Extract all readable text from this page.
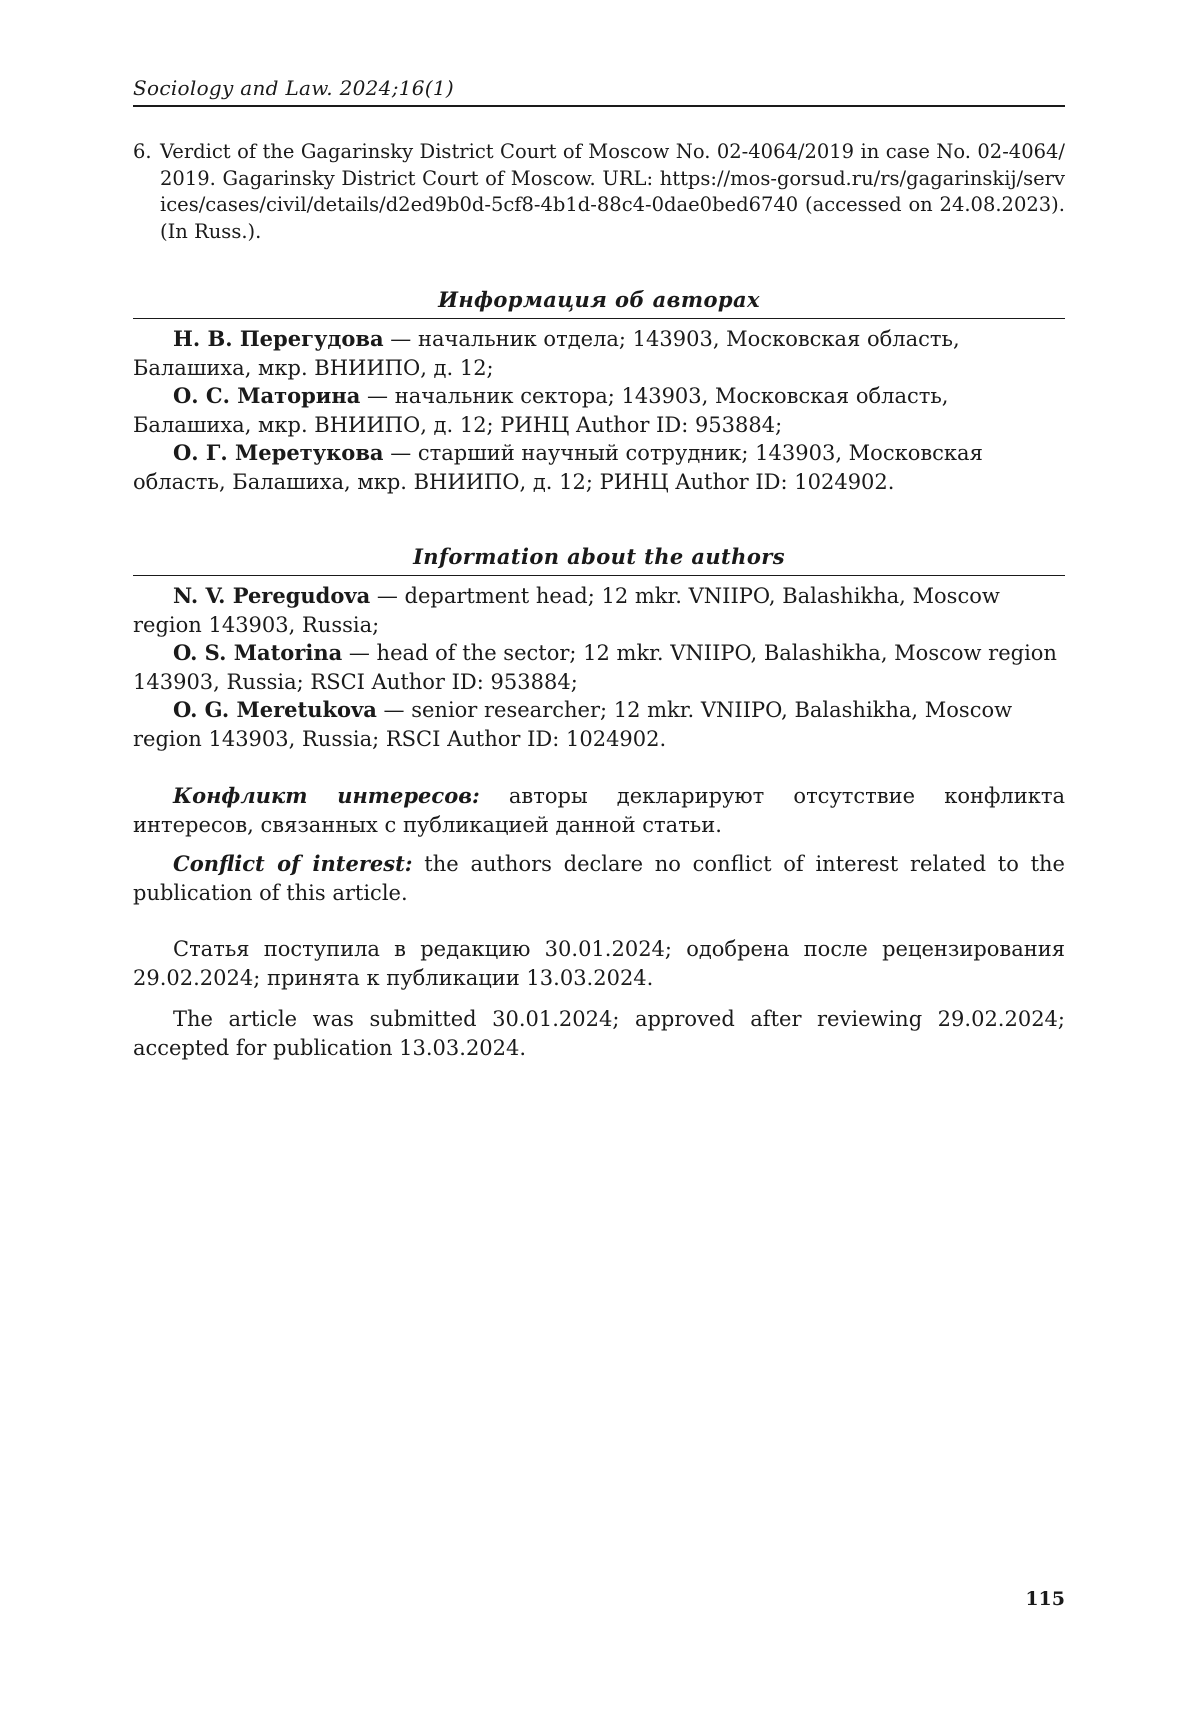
Sociology and Law. 2024;16(1)
6. Verdict of the Gagarinsky District Court of Moscow No. 02-4064/2019 in case No. 02-4064/2019. Gagarinsky District Court of Moscow. URL: https://mos-gorsud.ru/rs/gagarinskij/services/cases/civil/details/d2ed9b0d-5cf8-4b1d-88c4-0dae0bed6740 (accessed on 24.08.2023). (In Russ.).
Информация об авторах

Н. В. Перегудова — начальник отдела; 143903, Московская область, Балашиха, мкр. ВНИИПО, д. 12;

О. С. Маторина — начальник сектора; 143903, Московская область, Балашиха, мкр. ВНИИПО, д. 12; РИНЦ Author ID: 953884;

О. Г. Меретукова — старший научный сотрудник; 143903, Московская область, Балашиха, мкр. ВНИИПО, д. 12; РИНЦ Author ID: 1024902.

Information about the authors

N. V. Peregudova — department head; 12 mkr. VNIIPO, Balashikha, Moscow region 143903, Russia;

O. S. Matorina — head of the sector; 12 mkr. VNIIPO, Balashikha, Moscow region 143903, Russia; RSCI Author ID: 953884;

O. G. Meretukova — senior researcher; 12 mkr. VNIIPO, Balashikha, Moscow region 143903, Russia; RSCI Author ID: 1024902.

Конфликт интересов: авторы декларируют отсутствие конфликта интересов, связанных с публикацией данной статьи.

Conflict of interest: the authors declare no conflict of interest related to the publication of this article.

Статья поступила в редакцию 30.01.2024; одобрена после рецензирования 29.02.2024; принята к публикации 13.03.2024.

The article was submitted 30.01.2024; approved after reviewing 29.02.2024; accepted for publication 13.03.2024.

115
